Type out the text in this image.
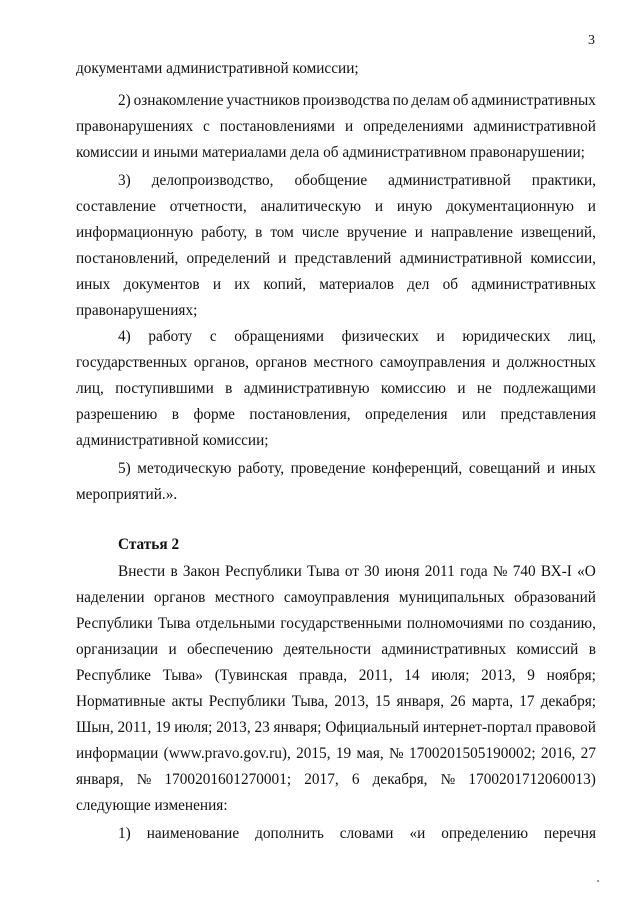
3
документами административной комиссии;
2) ознакомление участников производства по делам об административных
правонарушениях с постановлениями и определениями административной
комиссии и иными материалами дела об административном правонарушении;
3) делопроизводство, обобщение административной практики,
составление отчетности, аналитическую и иную документационную и
информационную работу, в том числе вручение и направление извещений,
постановлений, определений и представлений административной комиссии,
иных документов и их копий, материалов дел об административных
правонарушениях;
4) работу с обращениями физических и юридических лиц,
государственных органов, органов местного самоуправления и должностных
лиц, поступившими в административную комиссию и не подлежащими
разрешению в форме постановления, определения или представления
административной комиссии;
5) методическую работу, проведение конференций, совещаний и иных
мероприятий.».
Статья 2
Внести в Закон Республики Тыва от 30 июня 2011 года № 740 ВХ-I «О
наделении органов местного самоуправления муниципальных образований
Республики Тыва отдельными государственными полномочиями по созданию,
организации и обеспечению деятельности административных комиссий в
Республике Тыва» (Тувинская правда, 2011, 14 июля; 2013, 9 ноября;
Нормативные акты Республики Тыва, 2013, 15 января, 26 марта, 17 декабря;
Шын, 2011, 19 июля; 2013, 23 января; Официальный интернет-портал правовой
информации (www.pravo.gov.ru), 2015, 19 мая, № 1700201505190002; 2016, 27
января, № 1700201601270001; 2017, 6 декабря, № 1700201712060013)
следующие изменения:
1) наименование дополнить словами «и определению перечня
